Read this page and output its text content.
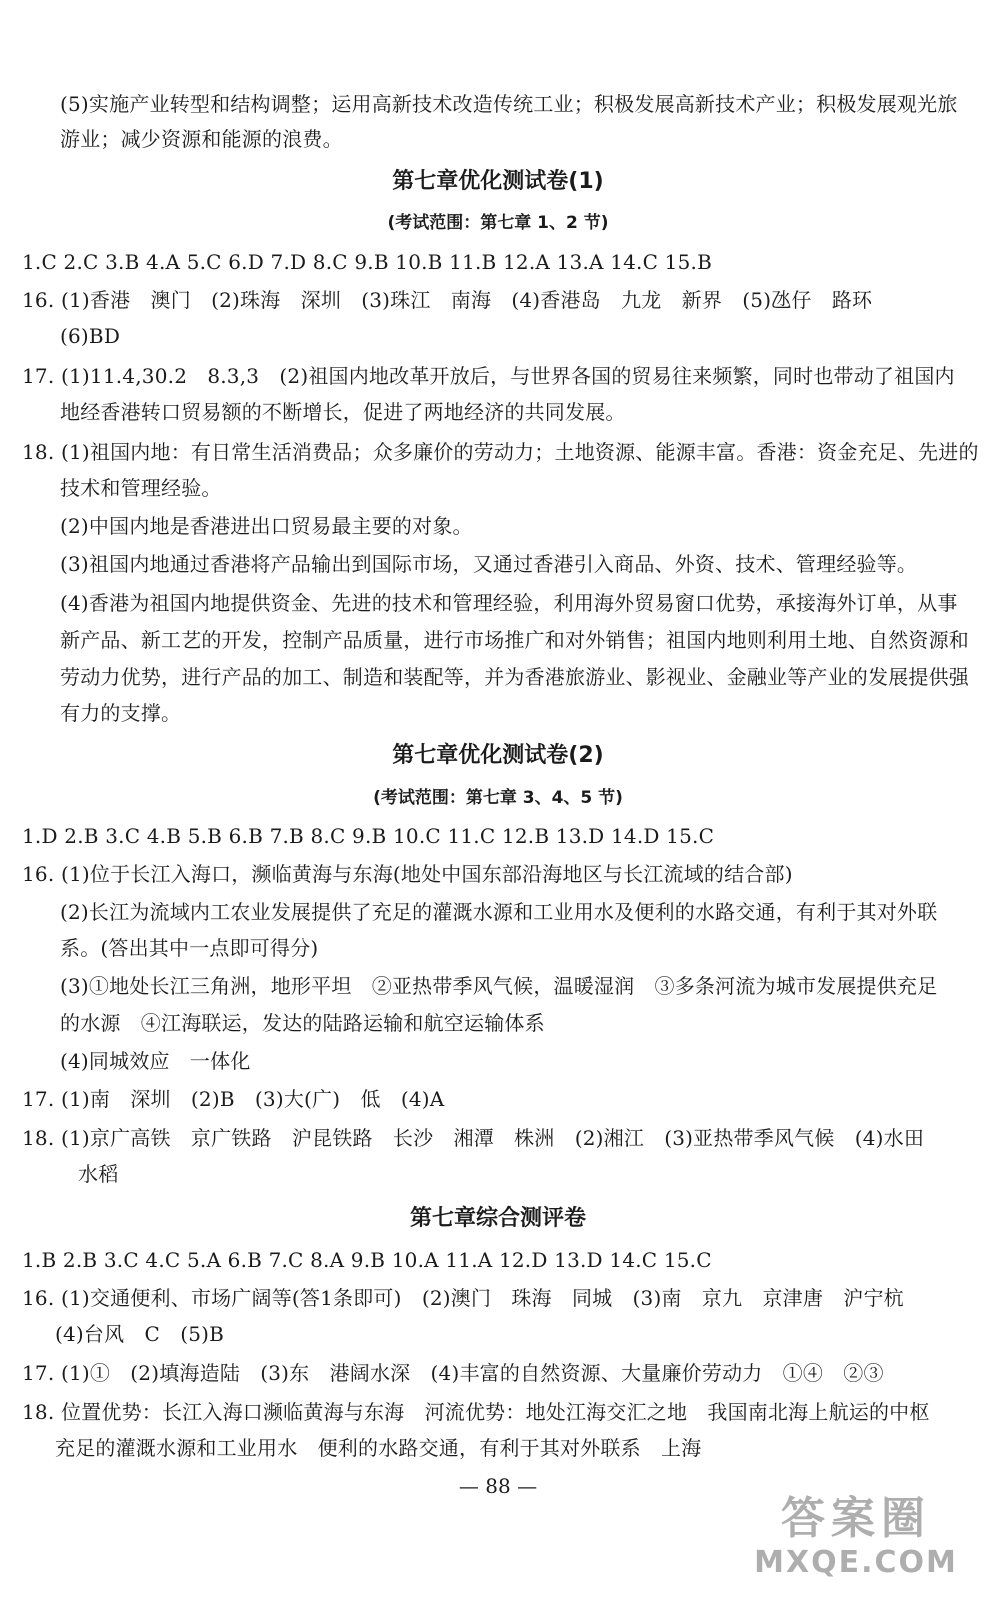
(5)实施产业转型和结构调整；运用高新技术改造传统工业；积极发展高新技术产业；积极发展观光旅
游业；减少资源和能源的浪费。
第七章优化测试卷(1)
(考试范围：第七章 1、2 节)
1.C 2.C 3.B 4.A 5.C 6.D 7.D 8.C 9.B 10.B 11.B 12.A 13.A 14.C 15.B
16. (1)香港　澳门　(2)珠海　深圳　(3)珠江　南海　(4)香港岛　九龙　新界　(5)氹仔　路环
(6)BD
17. (1)11.4,30.2　8.3,3　(2)祖国内地改革开放后，与世界各国的贸易往来频繁，同时也带动了祖国内
地经香港转口贸易额的不断增长，促进了两地经济的共同发展。
18. (1)祖国内地：有日常生活消费品；众多廉价的劳动力；土地资源、能源丰富。香港：资金充足、先进的
技术和管理经验。
(2)中国内地是香港进出口贸易最主要的对象。
(3)祖国内地通过香港将产品输出到国际市场，又通过香港引入商品、外资、技术、管理经验等。
(4)香港为祖国内地提供资金、先进的技术和管理经验，利用海外贸易窗口优势，承接海外订单，从事
新产品、新工艺的开发，控制产品质量，进行市场推广和对外销售；祖国内地则利用土地、自然资源和
劳动力优势，进行产品的加工、制造和装配等，并为香港旅游业、影视业、金融业等产业的发展提供强
有力的支撑。
第七章优化测试卷(2)
(考试范围：第七章 3、4、5 节)
1.D 2.B 3.C 4.B 5.B 6.B 7.B 8.C 9.B 10.C 11.C 12.B 13.D 14.D 15.C
16. (1)位于长江入海口，濒临黄海与东海(地处中国东部沿海地区与长江流域的结合部)
(2)长江为流域内工农业发展提供了充足的灌溉水源和工业用水及便利的水路交通，有利于其对外联
系。(答出其中一点即可得分)
(3)①地处长江三角洲，地形平坦　②亚热带季风气候，温暖湿润　③多条河流为城市发展提供充足
的水源　④江海联运，发达的陆路运输和航空运输体系
(4)同城效应　一体化
17. (1)南　深圳　(2)B　(3)大(广)　低　(4)A
18. (1)京广高铁　京广铁路　沪昆铁路　长沙　湘潭　株洲　(2)湘江　(3)亚热带季风气候　(4)水田
水稻
第七章综合测评卷
1.B 2.B 3.C 4.C 5.A 6.B 7.C 8.A 9.B 10.A 11.A 12.D 13.D 14.C 15.C
16. (1)交通便利、市场广阔等(答1条即可)　(2)澳门　珠海　同城　(3)南　京九　京津唐　沪宁杭
(4)台风　C　(5)B
17. (1)①　(2)填海造陆　(3)东　港阔水深　(4)丰富的自然资源、大量廉价劳动力　①④　②③
18. 位置优势：长江入海口濒临黄海与东海　河流优势：地处江海交汇之地　我国南北海上航运的中枢
充足的灌溉水源和工业用水　便利的水路交通，有利于其对外联系　上海
— 88 —
答案圈
MXQE.COM
